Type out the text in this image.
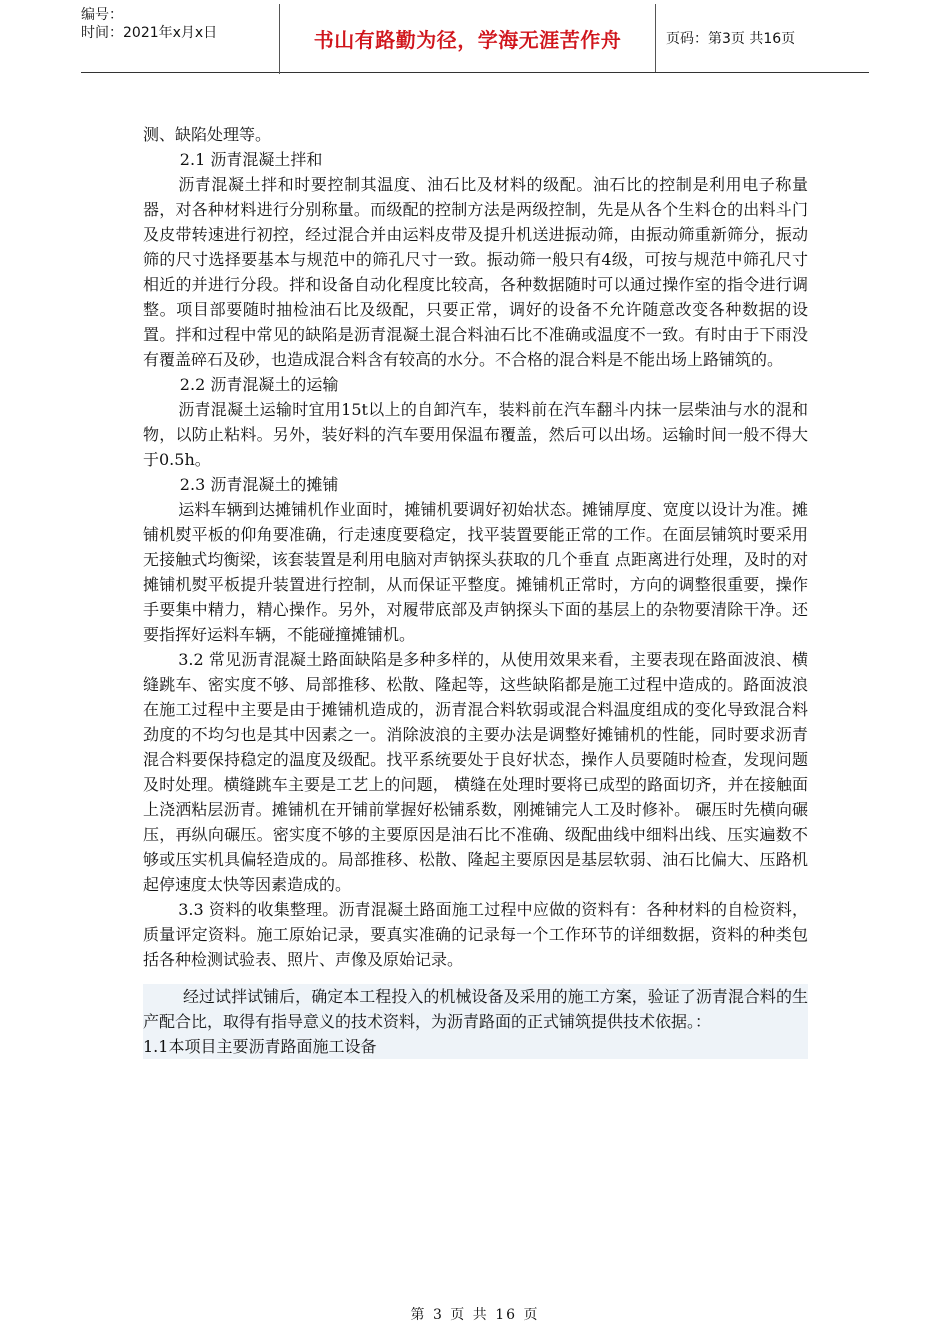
编号：
时间：2021年x月x日	书山有路勤为径，学海无涯苦作舟	页码：第3页 共16页

测、缺陷处理等。

2.1 沥青混凝土拌和

沥青混凝土拌和时要控制其温度、油石比及材料的级配。油石比的控制是利用电子称量器，对各种材料进行分别称量。而级配的控制方法是两级控制，先是从各个生料仓的出料斗门及皮带转速进行初控，经过混合并由运料皮带及提升机送进振动筛，由振动筛重新筛分，振动筛的尺寸选择要基本与规范中的筛孔尺寸一致。振动筛一般只有4级，可按与规范中筛孔尺寸相近的并进行分段。拌和设备自动化程度比较高，各种数据随时可以通过操作室的指令进行调整。项目部要随时抽检油石比及级配，只要正常，调好的设备不允许随意改变各种数据的设置。拌和过程中常见的缺陷是沥青混凝土混合料油石比不准确或温度不一致。有时由于下雨没有覆盖碎石及砂，也造成混合料含有较高的水分。不合格的混合料是不能出场上路铺筑的。

2.2 沥青混凝土的运输

沥青混凝土运输时宜用15t以上的自卸汽车，装料前在汽车翻斗内抹一层柴油与水的混和物，以防止粘料。另外，装好料的汽车要用保温布覆盖，然后可以出场。运输时间一般不得大于0.5h。

2.3 沥青混凝土的摊铺

运料车辆到达摊铺机作业面时，摊铺机要调好初始状态。摊铺厚度、宽度以设计为准。摊铺机熨平板的仰角要准确，行走速度要稳定，找平装置要能正常的工作。在面层铺筑时要采用无接触式均衡梁，该套装置是利用电脑对声钠探头获取的几个垂直 点距离进行处理，及时的对摊铺机熨平板提升装置进行控制，从而保证平整度。摊铺机正常时，方向的调整很重要，操作手要集中精力，精心操作。另外，对履带底部及声钠探头下面的基层上的杂物要清除干净。还要指挥好运料车辆，不能碰撞摊铺机。

3.2 常见沥青混凝土路面缺陷是多种多样的，从使用效果来看，主要表现在路面波浪、横缝跳车、密实度不够、局部推移、松散、隆起等，这些缺陷都是施工过程中造成的。路面波浪在施工过程中主要是由于摊铺机造成的，沥青混合料软弱或混合料温度组成的变化导致混合料劲度的不均匀也是其中因素之一。消除波浪的主要办法是调整好摊铺机的性能，同时要求沥青混合料要保持稳定的温度及级配。找平系统要处于良好状态，操作人员要随时检查，发现问题及时处理。横缝跳车主要是工艺上的问题， 横缝在处理时要将已成型的路面切齐，并在接触面上浇洒粘层沥青。摊铺机在开铺前掌握好松铺系数，刚摊铺完人工及时修补。 碾压时先横向碾压，再纵向碾压。密实度不够的主要原因是油石比不准确、级配曲线中细料出线、压实遍数不够或压实机具偏轻造成的。局部推移、松散、隆起主要原因是基层软弱、油石比偏大、压路机起停速度太快等因素造成的。

3.3 资料的收集整理。沥青混凝土路面施工过程中应做的资料有：各种材料的自检资料，质量评定资料。施工原始记录，要真实准确的记录每一个工作环节的详细数据，资料的种类包括各种检测试验表、照片、声像及原始记录。

经过试拌试铺后，确定本工程投入的机械设备及采用的施工方案，验证了沥青混合料的生产配合比，取得有指导意义的技术资料，为沥青路面的正式铺筑提供技术依据。：

1.1本项目主要沥青路面施工设备

第 3 页 共 16 页
